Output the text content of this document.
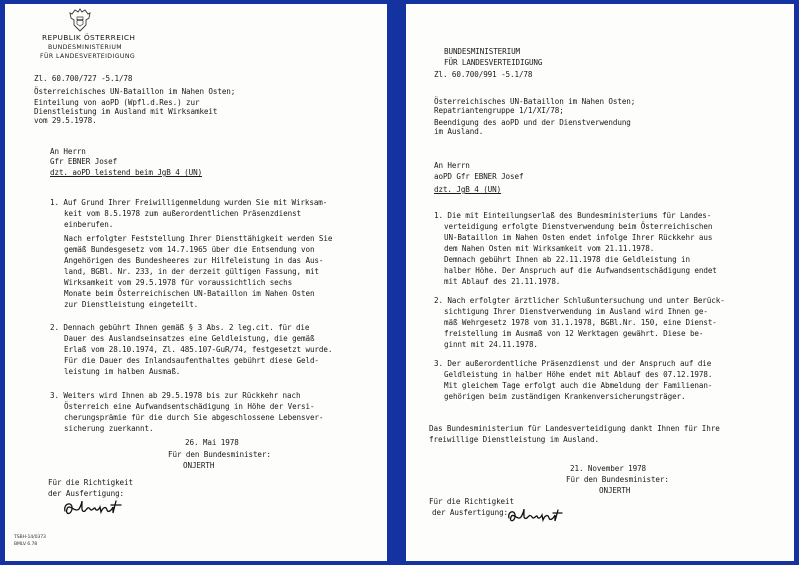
REPUBLIK ÖSTERREICH
BUNDESMINISTERIUM
FÜR LANDESVERTEIDIGUNG
Zl. 60.700/727 -5.1/78
Österreichisches UN-Bataillon im Nahen Osten;
Einteilung von aoPD (Wpfl.d.Res.) zur
Dienstleistung im Ausland mit Wirksamkeit
vom 29.5.1978.
An Herrn
Gfr EBNER Josef
dzt. aoPD leistend beim JgB 4 (UN)
1. Auf Grund Ihrer Freiwilligenmeldung wurden Sie mit Wirksam-
keit vom 8.5.1978 zum außerordentlichen Präsenzdienst
einberufen.
Nach erfolgter Feststellung Ihrer Diensttähigkeit werden Sie
gemäß Bundesgesetz vom 14.7.1965 über die Entsendung von
Angehörigen des Bundesheeres zur Hilfeleistung in das Aus-
land, BGBl. Nr. 233, in der derzeit gültigen Fassung, mit
Wirksamkeit vom 29.5.1978 für voraussichtlich sechs
Monate beim Österreichischen UN-Bataillon im Nahen Osten
zur Dienstleistung eingeteilt.
2. Dennach gebührt Ihnen gemäß § 3 Abs. 2 leg.cit. für die
Dauer des Auslandseinsatzes eine Geldleistung, die gemäß
Erlaß vom 28.10.1974, Zl. 485.107-GuR/74, festgesetzt wurde.
Für die Dauer des Inlandsaufenthaltes gebührt diese Geld-
leistung im halben Ausmaß.
3. Weiters wird Ihnen ab 29.5.1978 bis zur Rückkehr nach
Österreich eine Aufwandsentschädigung in Höhe der Versi-
cherungsprämie für die durch Sie abgeschlossene Lebensver-
sicherung zuerkannt.
26. Mai 1978
Für den Bundesminister:
ONJERTH
Für die Richtigkeit
der Ausfertigung:
TSBH-14/0373
BMLV 6.78
BUNDESMINISTERIUM
FÜR LANDESVERTEIDIGUNG
Zl. 60.700/991 -5.1/78
Österreichisches UN-Bataillon im Nahen Osten;
Repatriantengruppe 1/1/XI/78;
Beendigung des aoPD und der Dienstverwendung
im Ausland.
An Herrn
aoPD Gfr EBNER Josef
dzt. JgB 4 (UN)
1. Die mit Einteilungserlaß des Bundesministeriums für Landes-
verteidigung erfolgte Dienstverwendung beim Österreichischen
UN-Bataillon im Nahen Osten endet infolge Ihrer Rückkehr aus
dem Nahen Osten mit Wirksamkeit vom 21.11.1978.
Demnach gebührt Ihnen ab 22.11.1978 die Geldleistung in
halber Höhe. Der Anspruch auf die Aufwandsentschädigung endet
mit Ablauf des 21.11.1978.
2. Nach erfolgter ärztlicher Schlußuntersuchung und unter Berück-
sichtigung Ihrer Dienstverwendung im Ausland wird Ihnen ge-
mäß Wehrgesetz 1978 vom 31.1.1978, BGBl.Nr. 150, eine Dienst-
freistellung im Ausmaß von 12 Werktagen gewährt. Diese be-
ginnt mit 24.11.1978.
3. Der außerordentliche Präsenzdienst und der Anspruch auf die
Geldleistung in halber Höhe endet mit Ablauf des 07.12.1978.
Mit gleichem Tage erfolgt auch die Abmeldung der Familienan-
gehörigen beim zuständigen Krankenversicherungsträger.
Das Bundesministerium für Landesverteidigung dankt Ihnen für Ihre
freiwillige Dienstleistung im Ausland.
21. November 1978
Für den Bundesminister:
ONJERTH
Für die Richtigkeit
der Ausfertigung:
